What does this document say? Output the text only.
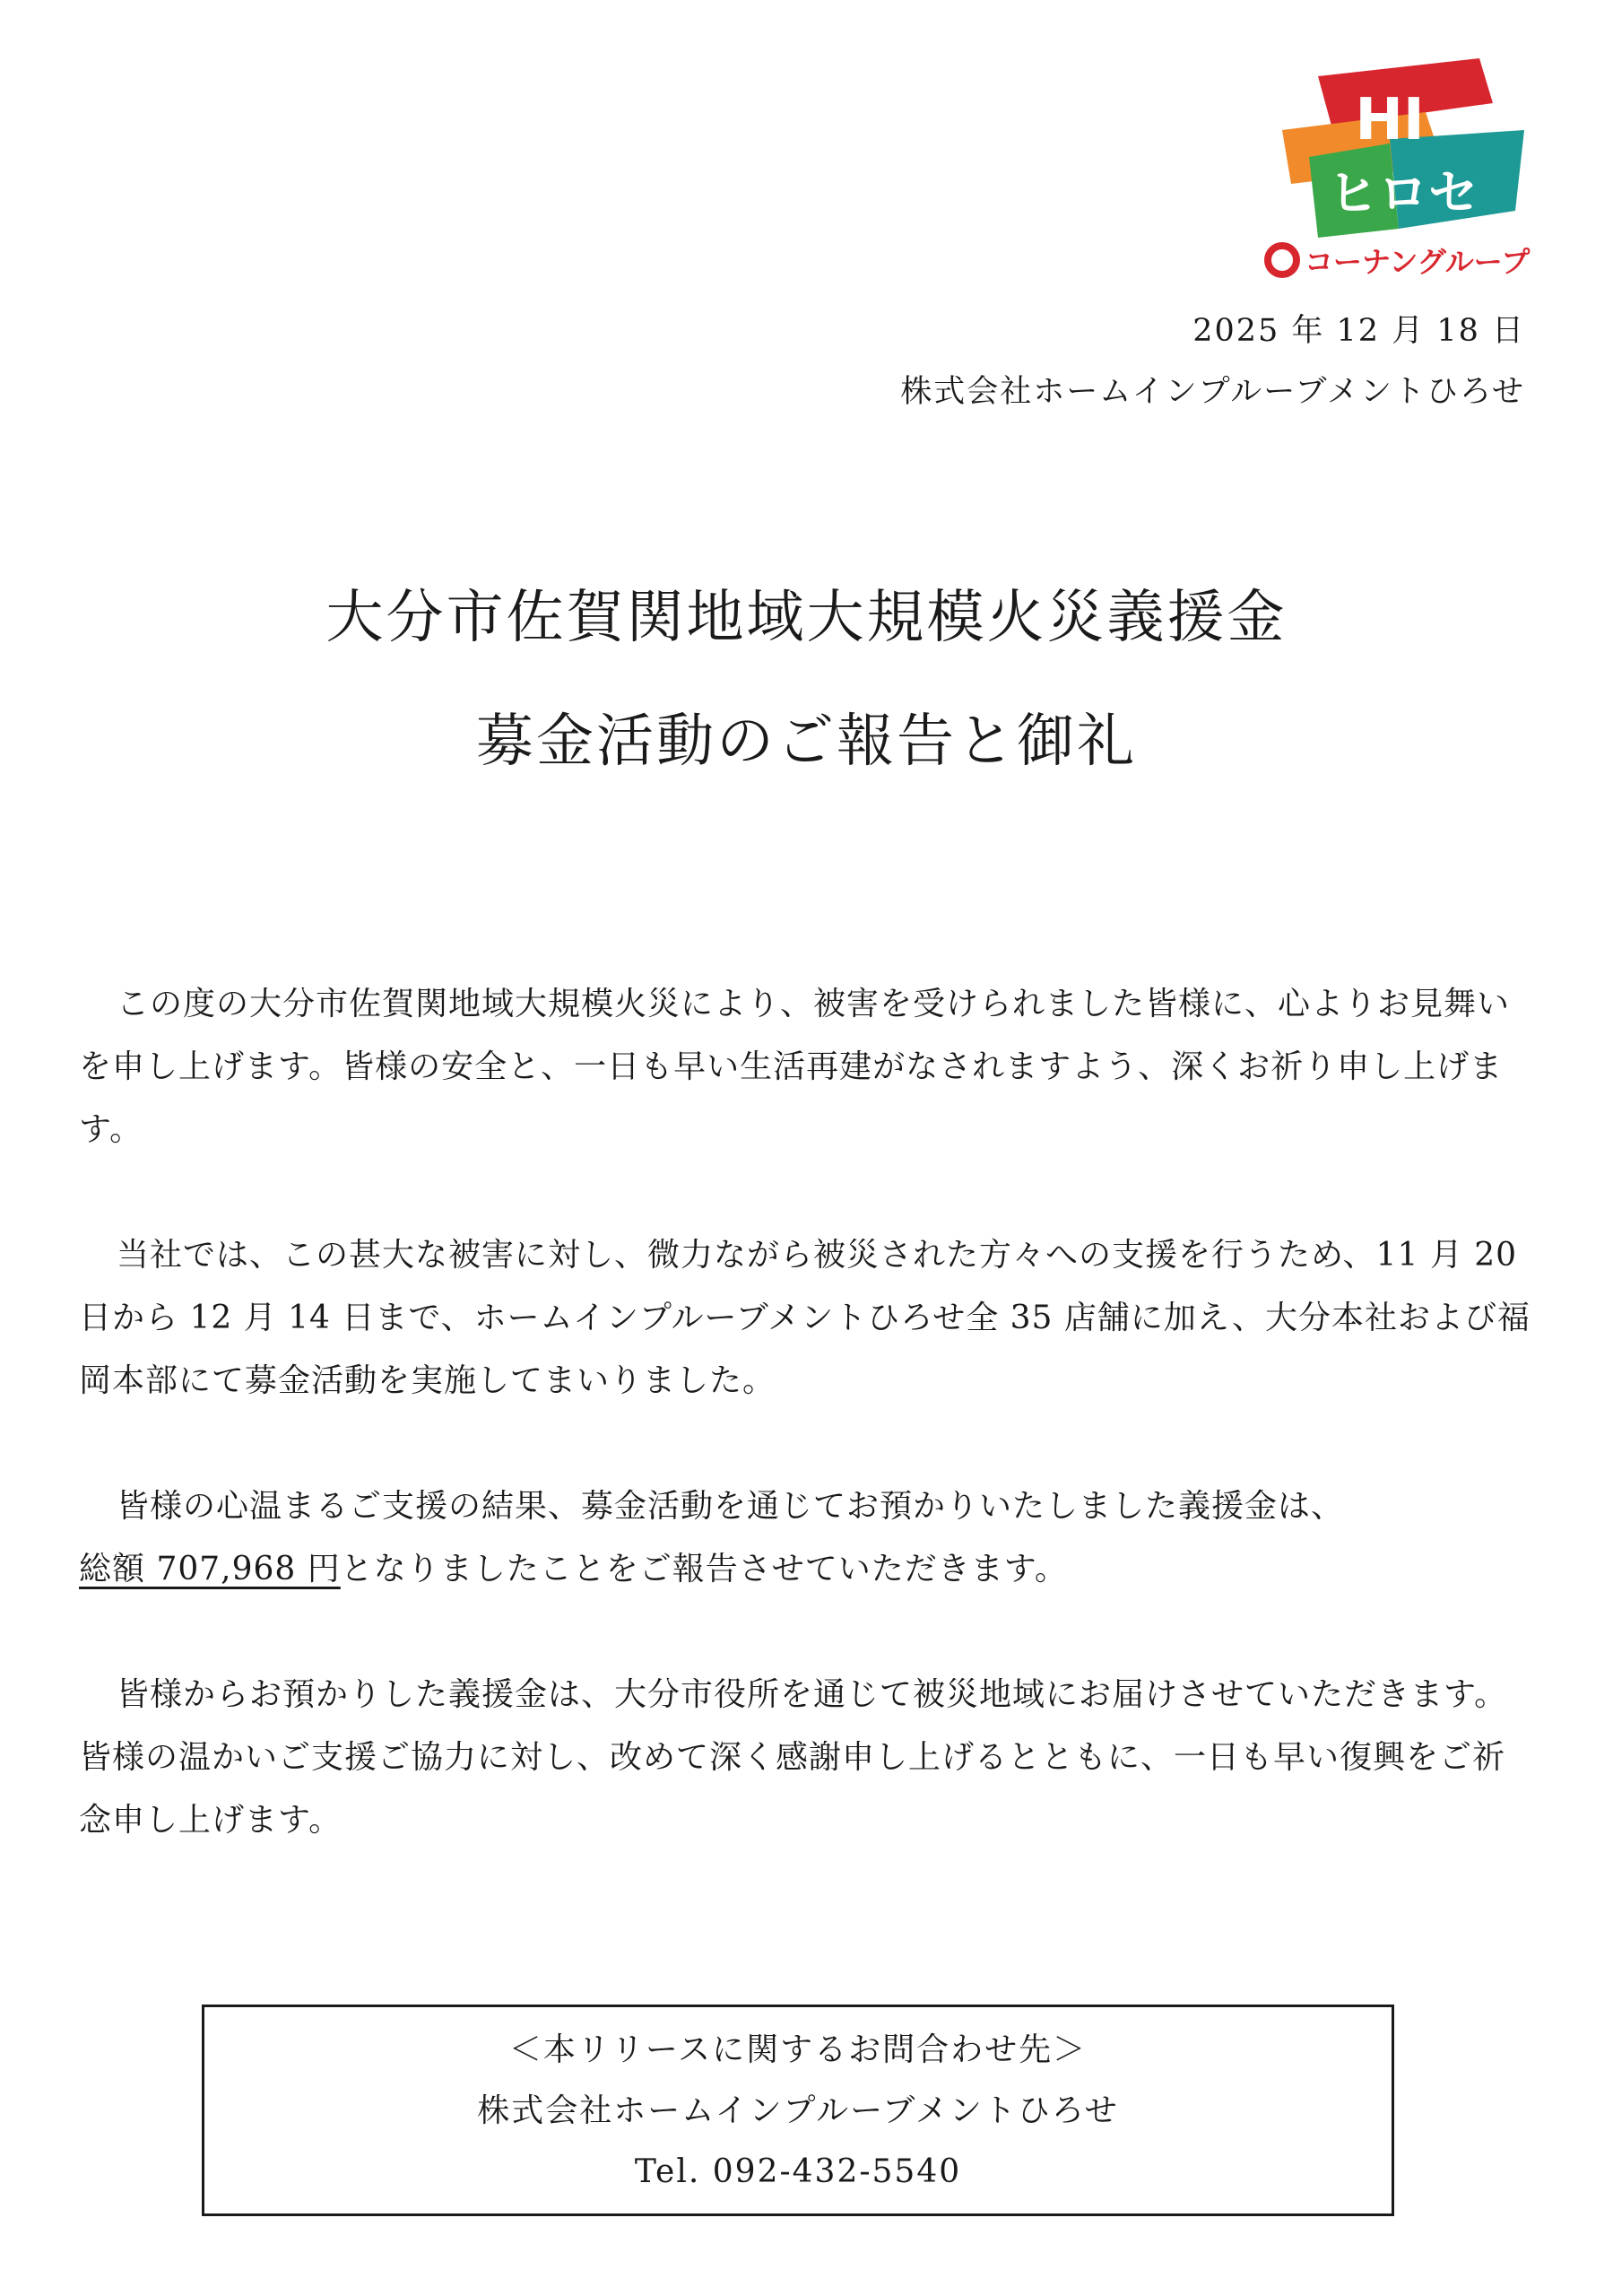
HI
ヒロセ
コーナングループ
2025 年 12 月 18 日
株式会社ホームインプルーブメントひろせ
大分市佐賀関地域大規模火災義援金
募金活動のご報告と御礼

この度の大分市佐賀関地域大規模火災により、被害を受けられました皆様に、心よりお見舞いを申し上げます。皆様の安全と、一日も早い生活再建がなされますよう、深くお祈り申し上げます。

当社では、この甚大な被害に対し、微力ながら被災された方々への支援を行うため、11 月 20 日から 12 月 14 日まで、ホームインプルーブメントひろせ全 35 店舗に加え、大分本社および福岡本部にて募金活動を実施してまいりました。

皆様の心温まるご支援の結果、募金活動を通じてお預かりいたしました義援金は、
総額 707,968 円となりましたことをご報告させていただきます。

皆様からお預かりした義援金は、大分市役所を通じて被災地域にお届けさせていただきます。皆様の温かいご支援ご協力に対し、改めて深く感謝申し上げるとともに、一日も早い復興をご祈念申し上げます。

＜本リリースに関するお問合わせ先＞
株式会社ホームインプルーブメントひろせ
Tel. 092-432-5540
